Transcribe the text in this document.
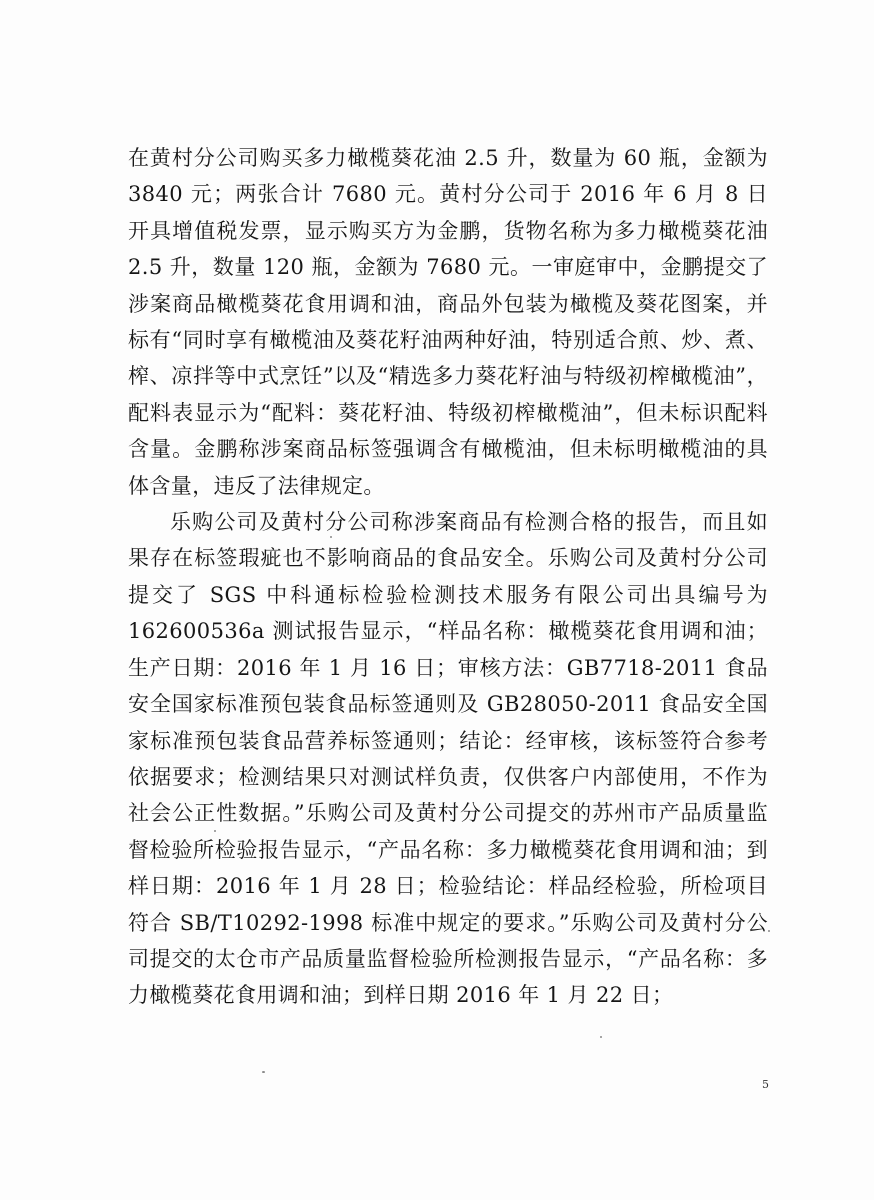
在黄村分公司购买多力橄榄葵花油 2.5 升，数量为 60 瓶，金额为 3840 元；两张合计 7680 元。黄村分公司于 2016 年 6 月 8 日开具增值税发票，显示购买方为金鹏，货物名称为多力橄榄葵花油 2.5 升，数量 120 瓶，金额为 7680 元。一审庭审中，金鹏提交了涉案商品橄榄葵花食用调和油，商品外包装为橄榄及葵花图案，并标有“同时享有橄榄油及葵花籽油两种好油，特别适合煎、炒、煮、榨、凉拌等中式烹饪”以及“精选多力葵花籽油与特级初榨橄榄油”，配料表显示为“配料：葵花籽油、特级初榨橄榄油”，但未标识配料含量。金鹏称涉案商品标签强调含有橄榄油，但未标明橄榄油的具体含量，违反了法律规定。

乐购公司及黄村分公司称涉案商品有检测合格的报告，而且如果存在标签瑕疵也不影响商品的食品安全。乐购公司及黄村分公司提交了 SGS 中科通标检验检测技术服务有限公司出具编号为 162600536a 测试报告显示，“样品名称：橄榄葵花食用调和油；生产日期：2016 年 1 月 16 日；审核方法：GB7718-2011 食品安全国家标准预包装食品标签通则及 GB28050-2011 食品安全国家标准预包装食品营养标签通则；结论：经审核，该标签符合参考依据要求；检测结果只对测试样负责，仅供客户内部使用，不作为社会公正性数据。”乐购公司及黄村分公司提交的苏州市产品质量监督检验所检验报告显示，“产品名称：多力橄榄葵花食用调和油；到样日期：2016 年 1 月 28 日；检验结论：样品经检验，所检项目符合 SB/T10292-1998 标准中规定的要求。”乐购公司及黄村分公司提交的太仓市产品质量监督检验所检测报告显示，“产品名称：多力橄榄葵花食用调和油；到样日期 2016 年 1 月 22 日；

5
